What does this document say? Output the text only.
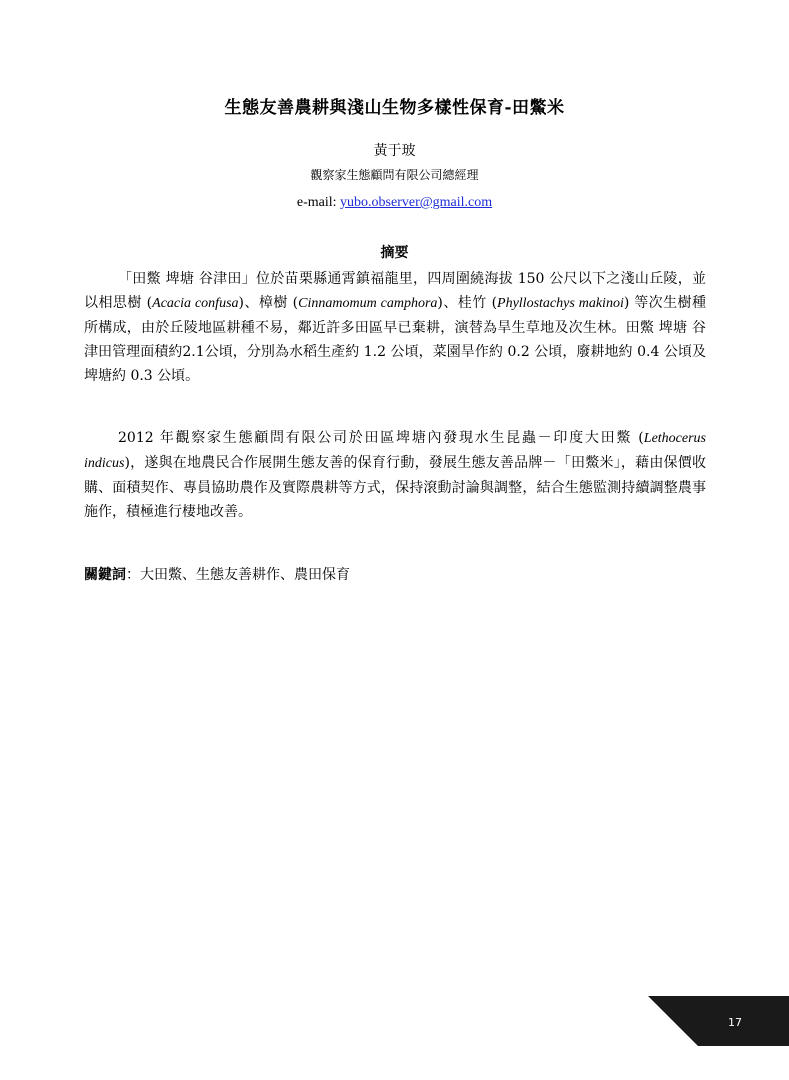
生態友善農耕與淺山生物多樣性保育-田鱉米
黃于玻
觀察家生態顧問有限公司總經理
e-mail: yubo.observer@gmail.com
摘要

「田鱉 埤塘 谷津田」位於苗栗縣通霄鎮福龍里，四周圍繞海拔 150 公尺以下之淺山丘陵，並以相思樹 (Acacia confusa)、樟樹 (Cinnamomum camphora)、桂竹 (Phyllostachys makinoi) 等次生樹種所構成，由於丘陵地區耕種不易，鄰近許多田區早已棄耕，演替為旱生草地及次生林。田鱉 埤塘 谷津田管理面積約2.1公頃，分別為水稻生產約 1.2 公頃，菜園旱作約 0.2 公頃，廢耕地約 0.4 公頃及埤塘約 0.3 公頃。

2012 年觀察家生態顧問有限公司於田區埤塘內發現水生昆蟲－印度大田鱉 (Lethocerus indicus)，遂與在地農民合作展開生態友善的保育行動，發展生態友善品牌－「田鱉米」，藉由保價收購、面積契作、專員協助農作及實際農耕等方式，保持滾動討論與調整，結合生態監測持續調整農事施作，積極進行棲地改善。

關鍵詞：大田鱉、生態友善耕作、農田保育
17
